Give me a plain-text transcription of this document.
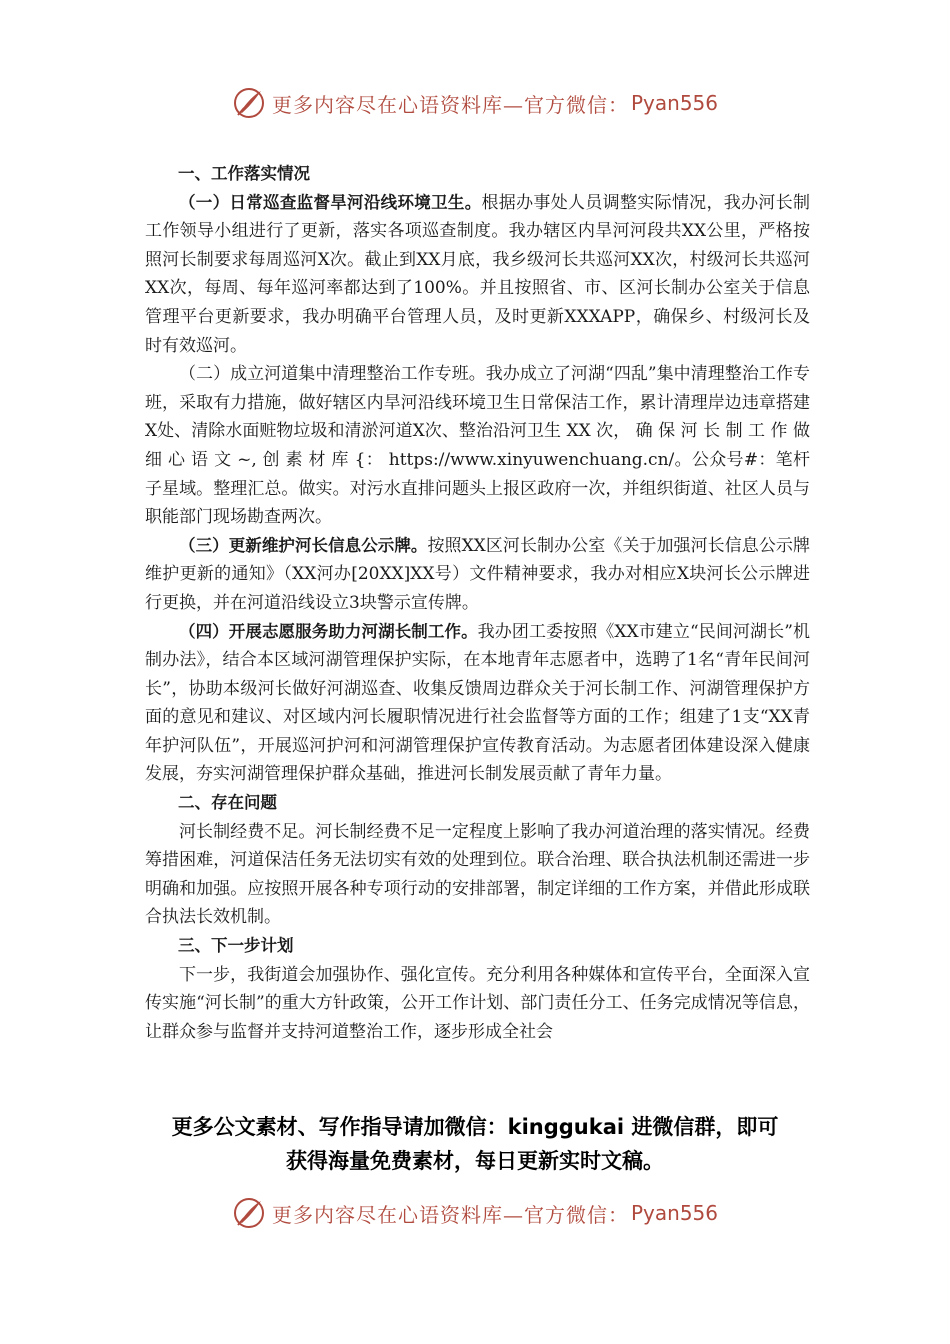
更多内容尽在心语资料库—官方微信： Pyan556

一、工作落实情况

（一）日常巡查监督旱河沿线环境卫生。根据办事处人员调整实际情况，我办河长制工作领导小组进行了更新，落实各项巡查制度。我办辖区内旱河河段共XX公里，严格按照河长制要求每周巡河X次。截止到XX月底，我乡级河长共巡河XX次，村级河长共巡河XX次，每周、每年巡河率都达到了100%。并且按照省、市、区河长制办公室关于信息管理平台更新要求，我办明确平台管理人员，及时更新XXXAPP，确保乡、村级河长及时有效巡河。

（二）成立河道集中清理整治工作专班。我办成立了河湖“四乱”集中清理整治工作专班，采取有力措施，做好辖区内旱河沿线环境卫生日常保洁工作，累计清理岸边违章搭建X处、清除水面赃物垃圾和清淤河道X次、整治沿河卫生 XX 次， 确 保 河 长 制 工 作 做 细 心 语 文 ~, 创 素 材 库 {： https://www.xinyuwenchuang.cn/。公众号#：笔杆子星域。整理汇总。做实。对污水直排问题头上报区政府一次，并组织街道、社区人员与职能部门现场勘查两次。

（三）更新维护河长信息公示牌。按照XX区河长制办公室《关于加强河长信息公示牌维护更新的通知》（XX河办[20XX]XX号）文件精神要求，我办对相应X块河长公示牌进行更换，并在河道沿线设立3块警示宣传牌。

（四）开展志愿服务助力河湖长制工作。我办团工委按照《XX市建立“民间河湖长”机制办法》，结合本区域河湖管理保护实际，在本地青年志愿者中，选聘了1名“青年民间河长”，协助本级河长做好河湖巡查、收集反馈周边群众关于河长制工作、河湖管理保护方面的意见和建议、对区域内河长履职情况进行社会监督等方面的工作；组建了1支“XX青年护河队伍”，开展巡河护河和河湖管理保护宣传教育活动。为志愿者团体建设深入健康发展，夯实河湖管理保护群众基础，推进河长制发展贡献了青年力量。

二、存在问题

河长制经费不足。河长制经费不足一定程度上影响了我办河道治理的落实情况。经费筹措困难，河道保洁任务无法切实有效的处理到位。联合治理、联合执法机制还需进一步明确和加强。应按照开展各种专项行动的安排部署，制定详细的工作方案，并借此形成联合执法长效机制。

三、下一步计划

下一步，我街道会加强协作、强化宣传。充分利用各种媒体和宣传平台，全面深入宣传实施“河长制”的重大方针政策，公开工作计划、部门责任分工、任务完成情况等信息，让群众参与监督并支持河道整治工作，逐步形成全社会

更多公文素材、写作指导请加微信：kinggukai 进微信群，即可
获得海量免费素材，每日更新实时文稿。
更多内容尽在心语资料库—官方微信： Pyan556
